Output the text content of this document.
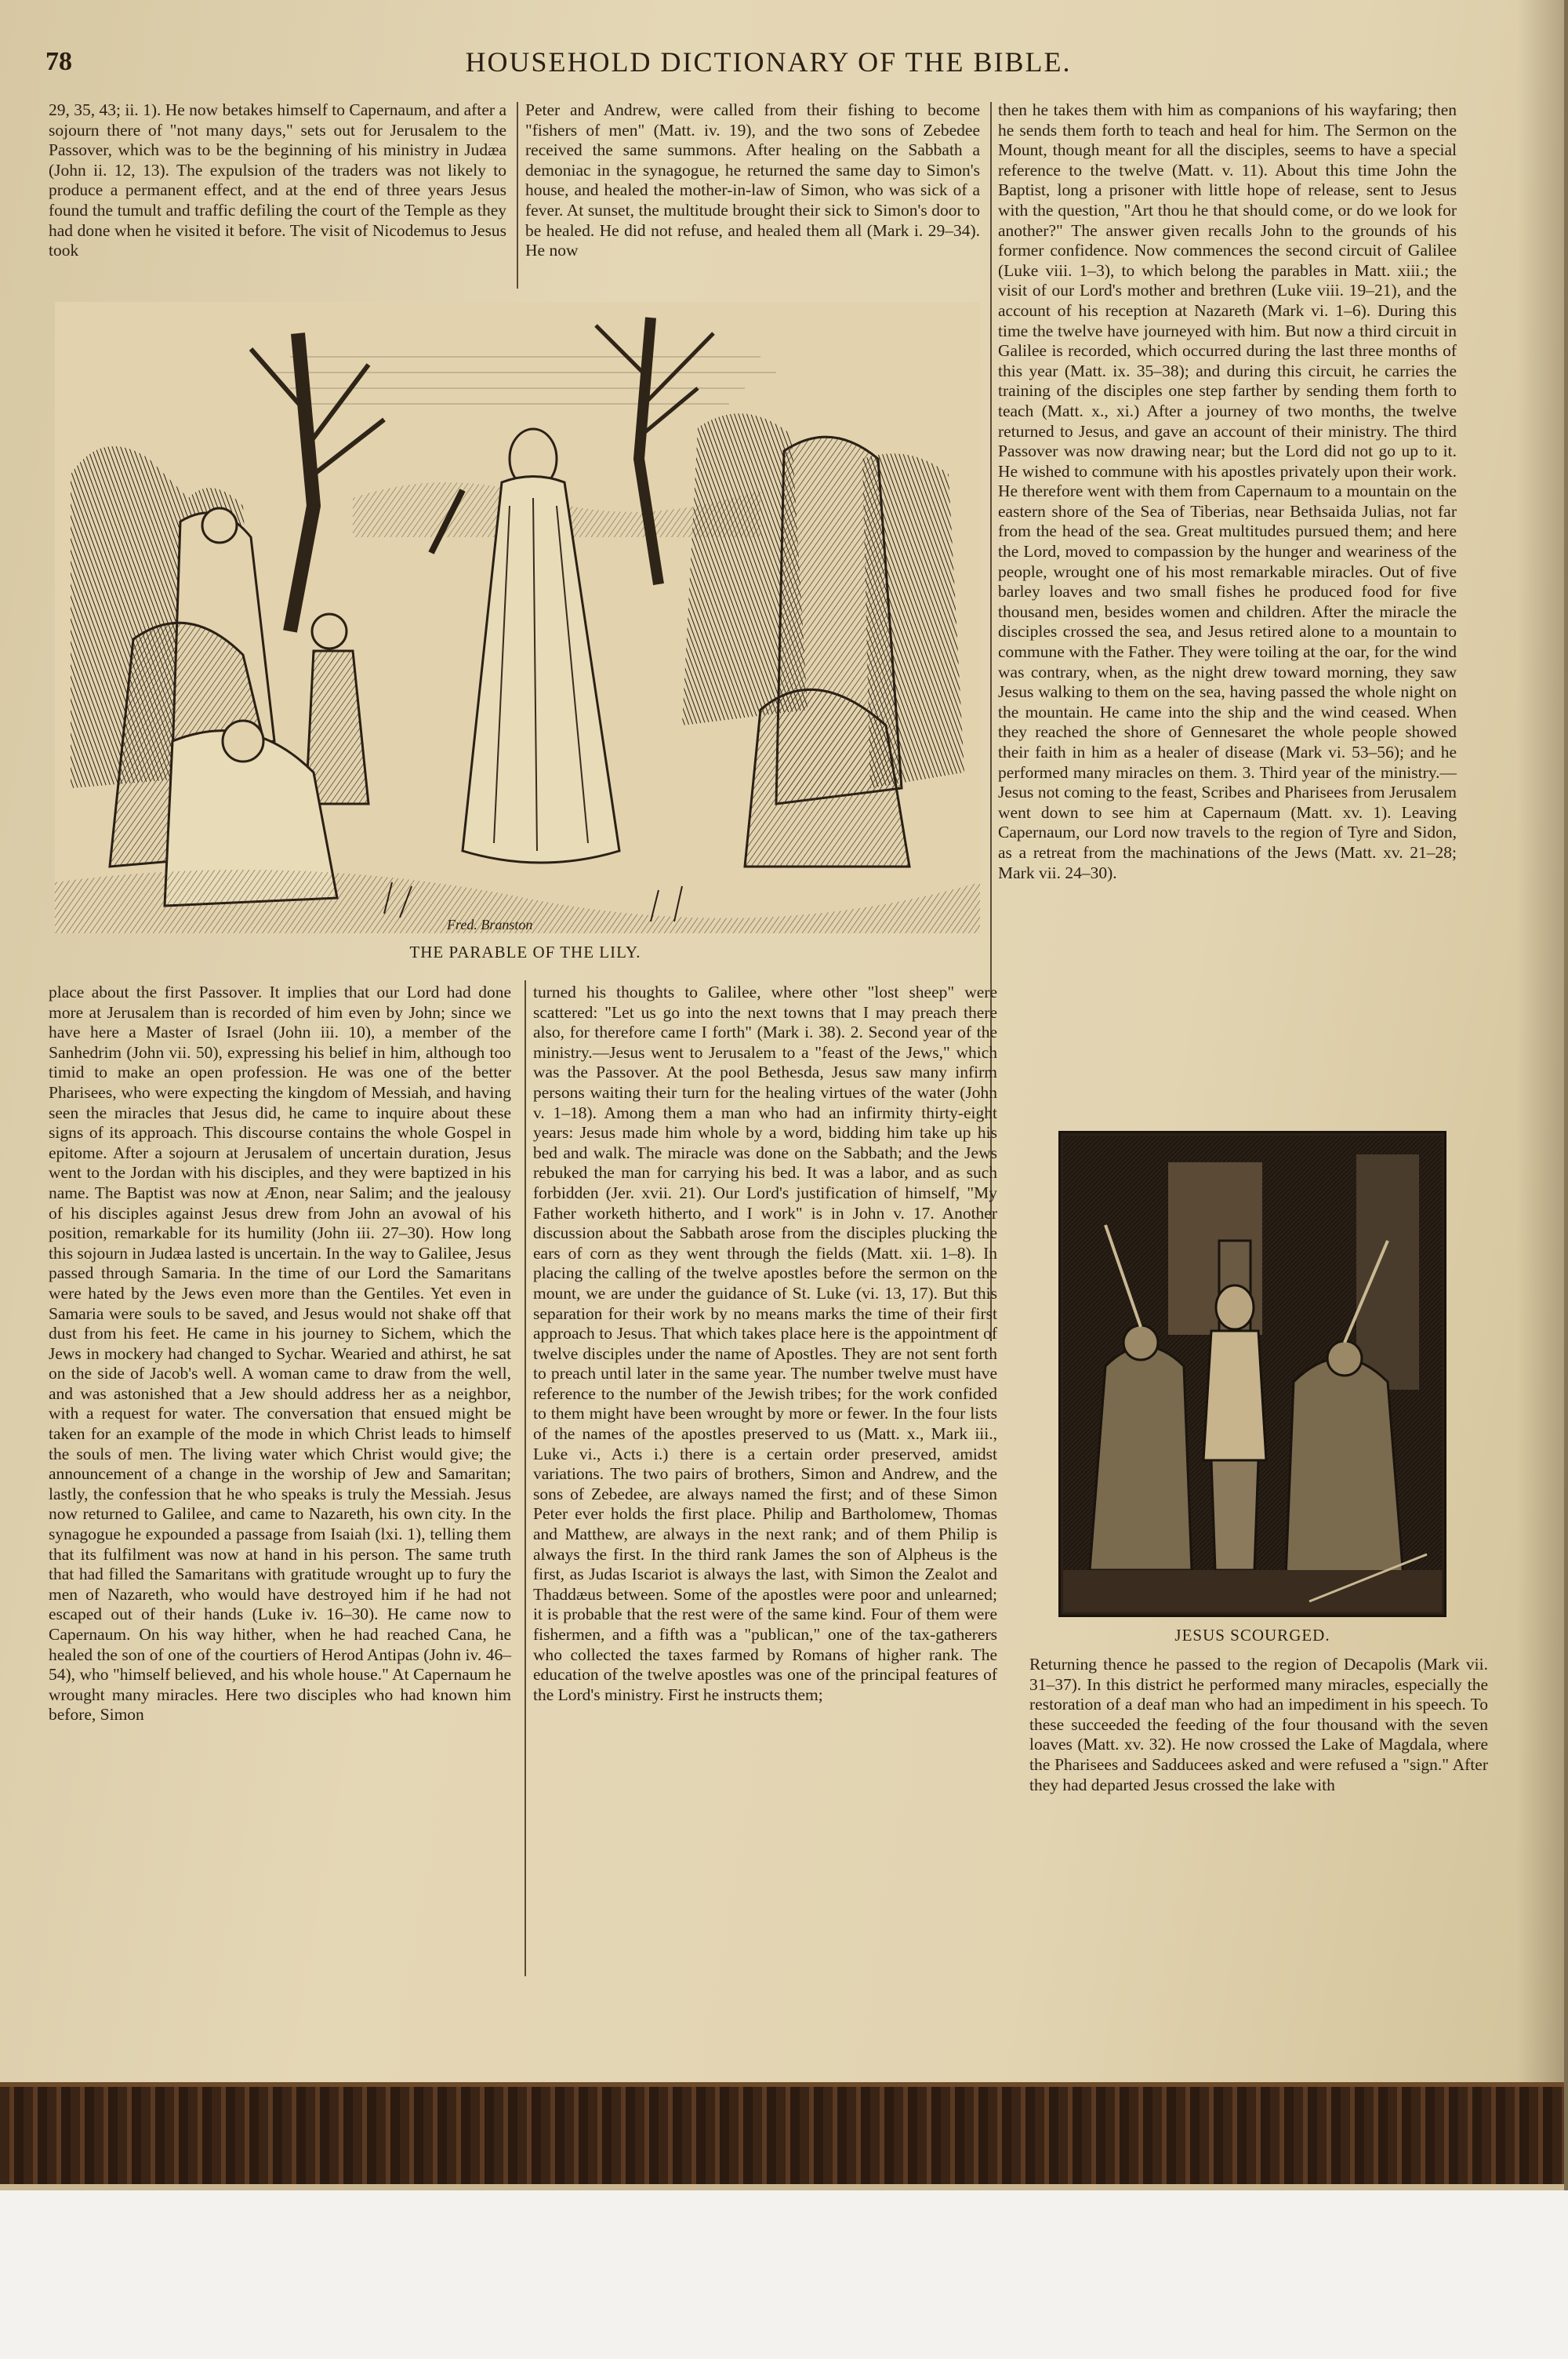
78	HOUSEHOLD DICTIONARY OF THE BIBLE.

29, 35, 43; ii. 1). He now betakes himself to Capernaum, and after a sojourn there of "not many days," sets out for Jerusalem to the Passover, which was to be the beginning of his ministry in Judæa (John ii. 12, 13). The expulsion of the traders was not likely to produce a permanent effect, and at the end of three years Jesus found the tumult and traffic defiling the court of the Temple as they had done when he visited it before. The visit of Nicodemus to Jesus took

Peter and Andrew, were called from their fishing to become "fishers of men" (Matt. iv. 19), and the two sons of Zebedee received the same summons. After healing on the Sabbath a demoniac in the synagogue, he returned the same day to Simon's house, and healed the mother-in-law of Simon, who was sick of a fever. At sunset, the multitude brought their sick to Simon's door to be healed. He did not refuse, and healed them all (Mark i. 29–34). He now

then he takes them with him as companions of his wayfaring; then he sends them forth to teach and heal for him. The Sermon on the Mount, though meant for all the disciples, seems to have a special reference to the twelve (Matt. v. 11). About this time John the Baptist, long a prisoner with little hope of release, sent to Jesus with the question, "Art thou he that should come, or do we look for another?" The answer given recalls John to the grounds of his former confidence. Now commences the second circuit of Galilee (Luke viii. 1–3), to which belong the parables in Matt. xiii.; the visit of our Lord's mother and brethren (Luke viii. 19–21), and the account of his reception at Nazareth (Mark vi. 1–6). During this time the twelve have journeyed with him. But now a third circuit in Galilee is recorded, which occurred during the last three months of this year (Matt. ix. 35–38); and during this circuit, he carries the training of the disciples one step farther by sending them forth to teach (Matt. x., xi.) After a journey of two months, the twelve returned to Jesus, and gave an account of their ministry. The third Passover was now drawing near; but the Lord did not go up to it. He wished to commune with his apostles privately upon their work. He therefore went with them from Capernaum to a mountain on the eastern shore of the Sea of Tiberias, near Bethsaida Julias, not far from the head of the sea. Great multitudes pursued them; and here the Lord, moved to compassion by the hunger and weariness of the people, wrought one of his most remarkable miracles. Out of five barley loaves and two small fishes he produced food for five thousand men, besides women and children. After the miracle the disciples crossed the sea, and Jesus retired alone to a mountain to commune with the Father. They were toiling at the oar, for the wind was contrary, when, as the night drew toward morning, they saw Jesus walking to them on the sea, having passed the whole night on the mountain. He came into the ship and the wind ceased. When they reached the shore of Gennesaret the whole people showed their faith in him as a healer of disease (Mark vi. 53–56); and he performed many miracles on them. 3. Third year of the ministry.—Jesus not coming to the feast, Scribes and Pharisees from Jerusalem went down to see him at Capernaum (Matt. xv. 1). Leaving Capernaum, our Lord now travels to the region of Tyre and Sidon, as a retreat from the machinations of the Jews (Matt. xv. 21–28; Mark vii. 24–30).

Fred. Branston
THE PARABLE OF THE LILY.

place about the first Passover. It implies that our Lord had done more at Jerusalem than is recorded of him even by John; since we have here a Master of Israel (John iii. 10), a member of the Sanhedrim (John vii. 50), expressing his belief in him, although too timid to make an open profession. He was one of the better Pharisees, who were expecting the kingdom of Messiah, and having seen the miracles that Jesus did, he came to inquire about these signs of its approach. This discourse contains the whole Gospel in epitome. After a sojourn at Jerusalem of uncertain duration, Jesus went to the Jordan with his disciples, and they were baptized in his name. The Baptist was now at Ænon, near Salim; and the jealousy of his disciples against Jesus drew from John an avowal of his position, remarkable for its humility (John iii. 27–30). How long this sojourn in Judæa lasted is uncertain. In the way to Galilee, Jesus passed through Samaria. In the time of our Lord the Samaritans were hated by the Jews even more than the Gentiles. Yet even in Samaria were souls to be saved, and Jesus would not shake off that dust from his feet. He came in his journey to Sichem, which the Jews in mockery had changed to Sychar. Wearied and athirst, he sat on the side of Jacob's well. A woman came to draw from the well, and was astonished that a Jew should address her as a neighbor, with a request for water. The conversation that ensued might be taken for an example of the mode in which Christ leads to himself the souls of men. The living water which Christ would give; the announcement of a change in the worship of Jew and Samaritan; lastly, the confession that he who speaks is truly the Messiah. Jesus now returned to Galilee, and came to Nazareth, his own city. In the synagogue he expounded a passage from Isaiah (lxi. 1), telling them that its fulfilment was now at hand in his person. The same truth that had filled the Samaritans with gratitude wrought up to fury the men of Nazareth, who would have destroyed him if he had not escaped out of their hands (Luke iv. 16–30). He came now to Capernaum. On his way hither, when he had reached Cana, he healed the son of one of the courtiers of Herod Antipas (John iv. 46–54), who "himself believed, and his whole house." At Capernaum he wrought many miracles. Here two disciples who had known him before, Simon

turned his thoughts to Galilee, where other "lost sheep" were scattered: "Let us go into the next towns that I may preach there also, for therefore came I forth" (Mark i. 38). 2. Second year of the ministry.—Jesus went to Jerusalem to a "feast of the Jews," which was the Passover. At the pool Bethesda, Jesus saw many infirm persons waiting their turn for the healing virtues of the water (John v. 1–18). Among them a man who had an infirmity thirty-eight years: Jesus made him whole by a word, bidding him take up his bed and walk. The miracle was done on the Sabbath; and the Jews rebuked the man for carrying his bed. It was a labor, and as such forbidden (Jer. xvii. 21). Our Lord's justification of himself, "My Father worketh hitherto, and I work" is in John v. 17. Another discussion about the Sabbath arose from the disciples plucking the ears of corn as they went through the fields (Matt. xii. 1–8). In placing the calling of the twelve apostles before the sermon on the mount, we are under the guidance of St. Luke (vi. 13, 17). But this separation for their work by no means marks the time of their first approach to Jesus. That which takes place here is the appointment of twelve disciples under the name of Apostles. They are not sent forth to preach until later in the same year. The number twelve must have reference to the number of the Jewish tribes; for the work confided to them might have been wrought by more or fewer. In the four lists of the names of the apostles preserved to us (Matt. x., Mark iii., Luke vi., Acts i.) there is a certain order preserved, amidst variations. The two pairs of brothers, Simon and Andrew, and the sons of Zebedee, are always named the first; and of these Simon Peter ever holds the first place. Philip and Bartholomew, Thomas and Matthew, are always in the next rank; and of them Philip is always the first. In the third rank James the son of Alpheus is the first, as Judas Iscariot is always the last, with Simon the Zealot and Thaddæus between. Some of the apostles were poor and unlearned; it is probable that the rest were of the same kind. Four of them were fishermen, and a fifth was a "publican," one of the tax-gatherers who collected the taxes farmed by Romans of higher rank. The education of the twelve apostles was one of the principal features of the Lord's ministry. First he instructs them;

JESUS SCOURGED.

Returning thence he passed to the region of Decapolis (Mark vii. 31–37). In this district he performed many miracles, especially the restoration of a deaf man who had an impediment in his speech. To these succeeded the feeding of the four thousand with the seven loaves (Matt. xv. 32). He now crossed the Lake of Magdala, where the Pharisees and Sadducees asked and were refused a "sign." After they had departed Jesus crossed the lake with
